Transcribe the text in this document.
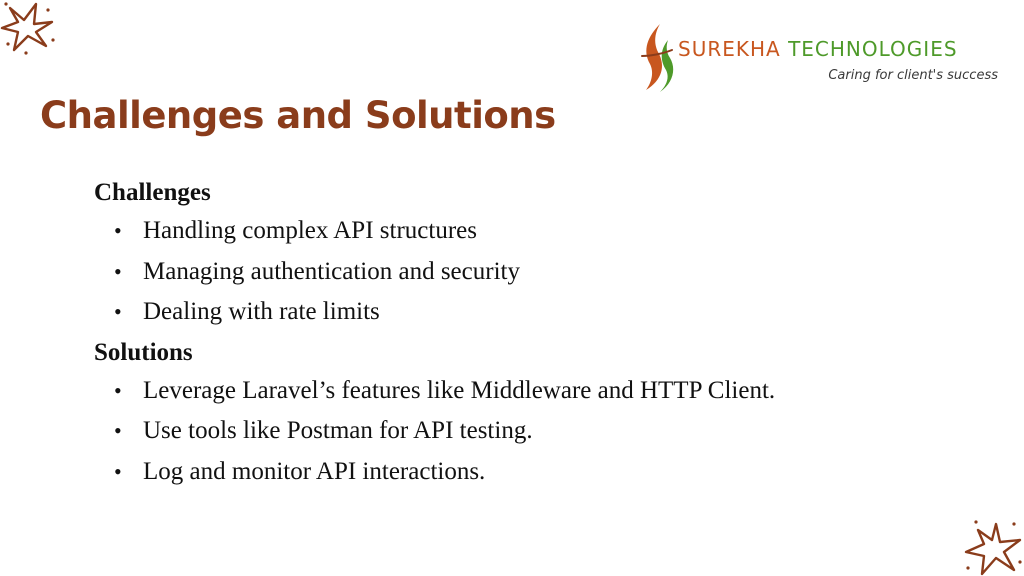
SUREKHA TECHNOLOGIES
Caring for client's success
Challenges and Solutions

Challenges

• Handling complex API structures
• Managing authentication and security
• Dealing with rate limits

Solutions

• Leverage Laravel’s features like Middleware and HTTP Client.
• Use tools like Postman for API testing.
• Log and monitor API interactions.
